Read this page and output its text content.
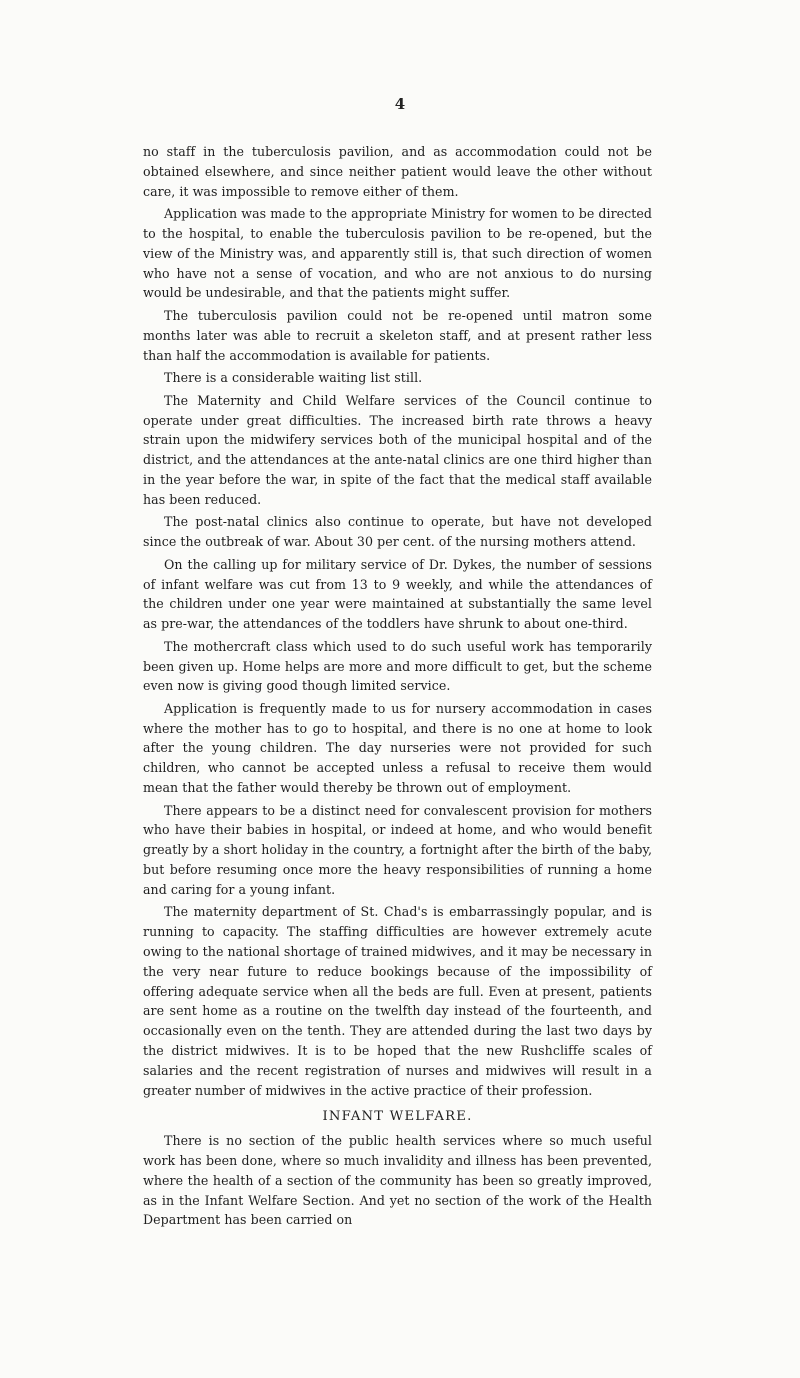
4

no staff in the tuberculosis pavilion, and as accommodation could not be obtained elsewhere, and since neither patient would leave the other without care, it was impossible to remove either of them.

Application was made to the appropriate Ministry for women to be directed to the hospital, to enable the tuberculosis pavilion to be re-opened, but the view of the Ministry was, and apparently still is, that such direction of women who have not a sense of vocation, and who are not anxious to do nursing would be undesirable, and that the patients might suffer.

The tuberculosis pavilion could not be re-opened until matron some months later was able to recruit a skeleton staff, and at present rather less than half the accommodation is available for patients.

There is a considerable waiting list still.

The Maternity and Child Welfare services of the Council continue to operate under great difficulties. The increased birth rate throws a heavy strain upon the midwifery services both of the municipal hospital and of the district, and the attendances at the ante-natal clinics are one third higher than in the year before the war, in spite of the fact that the medical staff available has been reduced.

The post-natal clinics also continue to operate, but have not developed since the outbreak of war. About 30 per cent. of the nursing mothers attend.

On the calling up for military service of Dr. Dykes, the number of sessions of infant welfare was cut from 13 to 9 weekly, and while the attendances of the children under one year were maintained at substantially the same level as pre-war, the attendances of the toddlers have shrunk to about one-third.

The mothercraft class which used to do such useful work has temporarily been given up. Home helps are more and more difficult to get, but the scheme even now is giving good though limited service.

Application is frequently made to us for nursery accommodation in cases where the mother has to go to hospital, and there is no one at home to look after the young children. The day nurseries were not provided for such children, who cannot be accepted unless a refusal to receive them would mean that the father would thereby be thrown out of employment.

There appears to be a distinct need for convalescent provision for mothers who have their babies in hospital, or indeed at home, and who would benefit greatly by a short holiday in the country, a fortnight after the birth of the baby, but before resuming once more the heavy responsibilities of running a home and caring for a young infant.

The maternity department of St. Chad's is embarrassingly popular, and is running to capacity. The staffing difficulties are however extremely acute owing to the national shortage of trained midwives, and it may be necessary in the very near future to reduce bookings because of the impossibility of offering adequate service when all the beds are full. Even at present, patients are sent home as a routine on the twelfth day instead of the fourteenth, and occasionally even on the tenth. They are attended during the last two days by the district midwives. It is to be hoped that the new Rushcliffe scales of salaries and the recent registration of nurses and midwives will result in a greater number of midwives in the active practice of their profession.

INFANT WELFARE.

There is no section of the public health services where so much useful work has been done, where so much invalidity and illness has been prevented, where the health of a section of the community has been so greatly improved, as in the Infant Welfare Section. And yet no section of the work of the Health Department has been carried on
